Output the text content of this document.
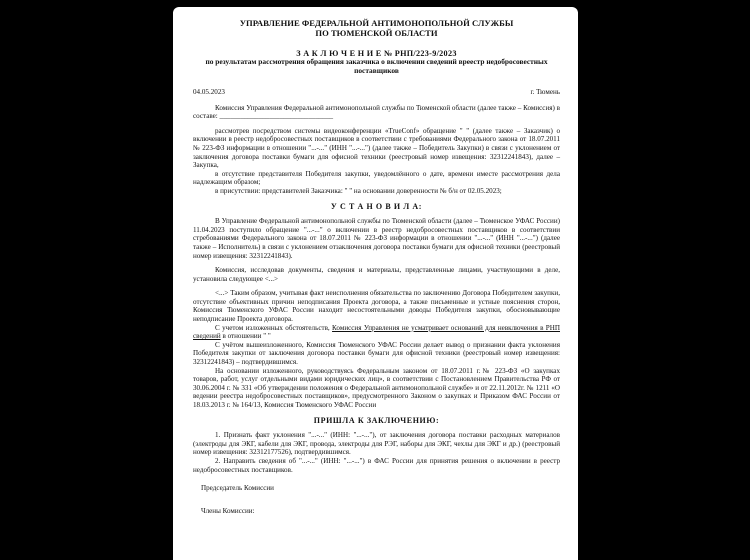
УПРАВЛЕНИЕ ФЕДЕРАЛЬНОЙ АНТИМОНОПОЛЬНОЙ СЛУЖБЫ
ПО ТЮМЕНСКОЙ ОБЛАСТИ
З А К Л Ю Ч Е Н И Е № РНП/223-9/2023
по результатам рассмотрения обращения заказчика о включении сведений вреестр недобросовестных
поставщиков
04.05.2023	г. Тюмень

Комиссия Управления Федеральной антимонопольной службы по Тюменской области (далее также – Комиссия) в составе: ________________________________

рассмотрев посредством системы видеоконференции «TrueConf» обращение " " (далее также – Заказчик) о включении в реестр недобросовестных поставщиков в соответствии с требованиями Федерального закона от 18.07.2011 № 223-ФЗ информации в отношении "...-..." (ИНН "...-...") (далее также – Победитель Закупки) в связи с уклонением от заключения договора поставки бумаги для офисной техники (реестровый номер извещения: 32312241843), далее – Закупка,

в отсутствие представителя Победителя закупки, уведомлённого о дате, времени иместе рассмотрения дела надлежащим образом;

в присутствии: представителей Заказчика: " " на основании доверенности № б/н от 02.05.2023;

У С Т А Н О В И Л А:

В Управление Федеральной антимонопольной службы по Тюменской области (далее – Тюменское УФАС России) 11.04.2023 поступило обращение "...-..." о включении в реестр недобросовестных поставщиков в соответствии стребованиями Федерального закона от 18.07.2011 № 223-ФЗ информации в отношении "...-..." (ИНН "...-...") (далее также – Исполнитель) в связи с уклонением отзаключения договора поставки бумаги для офисной техники (реестровый номер извещения: 32312241843).

Комиссия, исследовав документы, сведения и материалы, представленные лицами, участвующими в деле, установила следующее <...>

<...> Таким образом, учитывая факт неисполнения обязательства по заключению Договора Победителем закупки, отсутствие объективных причин неподписания Проекта договора, а также письменные и устные пояснения сторон, Комиссия Тюменского УФАС России находит несостоятельными доводы Победителя закупки, обосновывающие неподписание Проекта договора.

С учетом изложенных обстоятельств, Комиссия Управления не усматривает оснований для невключения в РНП сведений в отношении " "

С учётом вышеизложенного, Комиссия Тюменского УФАС России делает вывод о признании факта уклонения Победителя закупки от заключения договора поставки бумаги для офисной техники (реестровый номер извещения: 32312241843) – подтвердившимся.

На основании изложенного, руководствуясь Федеральным законом от 18.07.2011 г.№ 223-ФЗ «О закупках товаров, работ, услуг отдельными видами юридических лиц», в соответствии с Постановлением Правительства РФ от 30.06.2004 г. № 331 «Об утверждении положения о Федеральной антимонопольной службе» и от 22.11.2012г. № 1211 «О ведении реестра недобросовестных поставщиков», предусмотренного Законом о закупках и Приказом ФАС России от 18.03.2013 г. № 164/13, Комиссия Тюменского УФАС России

ПРИШЛА К ЗАКЛЮЧЕНИЮ:

1. Признать факт уклонения "...-..." (ИНН: "...-..."), от заключения договора поставки расходных материалов (электроды для ЭКГ, кабели для ЭКГ, провода, электроды для РЭГ, наборы для ЭКГ, чехлы для ЭКГ и др.) (реестровый номер извещения: 32312177526), подтвердившимся.

2. Направить сведения об "...-..." (ИНН: "...-...") в ФАС России для принятия решения о включении в реестр недобросовестных поставщиков.

Председатель Комиссии
Члены Комиссии:
